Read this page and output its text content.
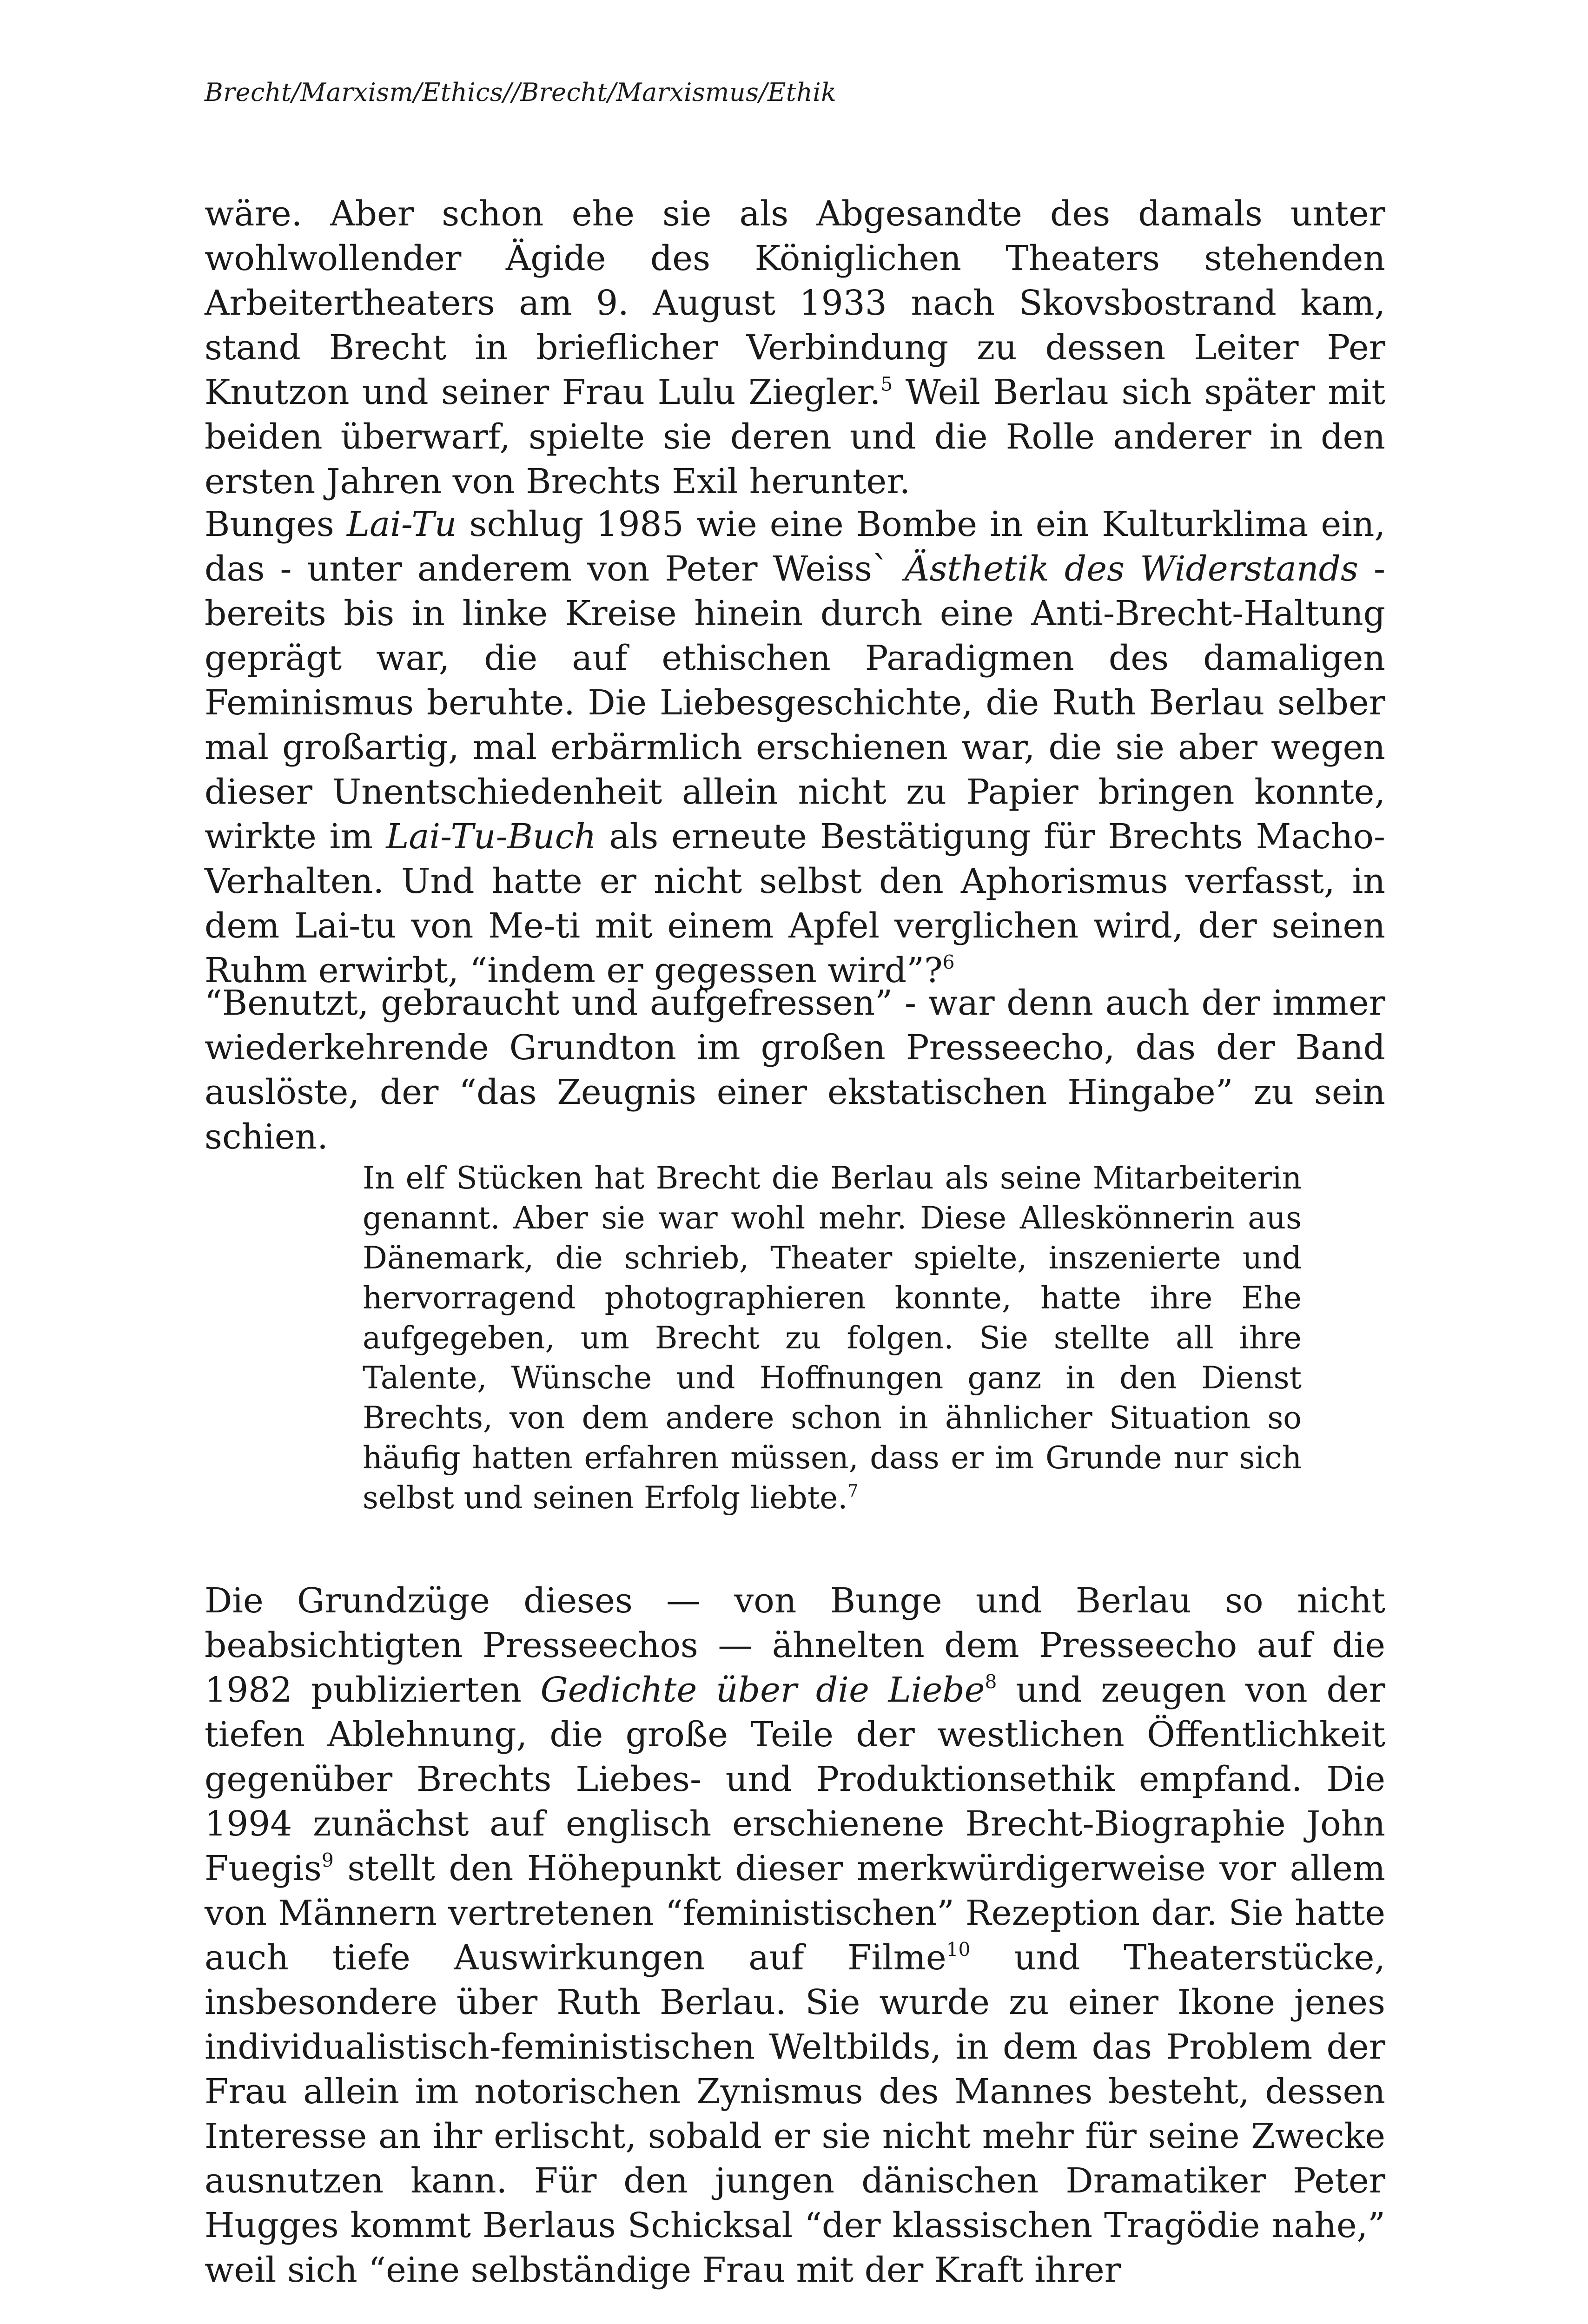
Brecht/Marxism/Ethics//Brecht/Marxismus/Ethik

wäre. Aber schon ehe sie als Abgesandte des damals unter wohlwollender Ägide des Königlichen Theaters stehenden Arbeitertheaters am 9. August 1933 nach Skovsbostrand kam, stand Brecht in brieflicher Verbindung zu dessen Leiter Per Knutzon und seiner Frau Lulu Ziegler.$^5$ Weil Berlau sich später mit beiden überwarf, spielte sie deren und die Rolle anderer in den ersten Jahren von Brechts Exil herunter.

Bunges Lai-Tu schlug 1985 wie eine Bombe in ein Kulturklima ein, das - unter anderem von Peter Weiss` Ästhetik des Widerstands - bereits bis in linke Kreise hinein durch eine Anti-Brecht-Haltung geprägt war, die auf ethischen Paradigmen des damaligen Feminismus beruhte. Die Liebesgeschichte, die Ruth Berlau selber mal großartig, mal erbärmlich erschienen war, die sie aber wegen dieser Unentschiedenheit allein nicht zu Papier bringen konnte, wirkte im Lai-Tu-Buch als erneute Bestätigung für Brechts Macho-Verhalten. Und hatte er nicht selbst den Aphorismus verfasst, in dem Lai-tu von Me-ti mit einem Apfel verglichen wird, der seinen Ruhm erwirbt, “indem er gegessen wird”?$^6$

“Benutzt, gebraucht und aufgefressen” - war denn auch der immer wiederkehrende Grundton im großen Presseecho, das der Band auslöste, der “das Zeugnis einer ekstatischen Hingabe” zu sein schien.

In elf Stücken hat Brecht die Berlau als seine Mitarbeiterin genannt. Aber sie war wohl mehr. Diese Alleskönnerin aus Dänemark, die schrieb, Theater spielte, inszenierte und hervorragend photographieren konnte, hatte ihre Ehe aufgegeben, um Brecht zu folgen. Sie stellte all ihre Talente, Wünsche und Hoffnungen ganz in den Dienst Brechts, von dem andere schon in ähnlicher Situation so häufig hatten erfahren müssen, dass er im Grunde nur sich selbst und seinen Erfolg liebte.$^7$

Die Grundzüge dieses — von Bunge und Berlau so nicht beabsichtigten Presseechos — ähnelten dem Presseecho auf die 1982 publizierten Gedichte über die Liebe$^8$ und zeugen von der tiefen Ablehnung, die große Teile der westlichen Öffentlichkeit gegenüber Brechts Liebes- und Produktionsethik empfand. Die 1994 zunächst auf englisch erschienene Brecht-Biographie John Fuegis$^9$ stellt den Höhepunkt dieser merkwürdigerweise vor allem von Männern vertretenen “feministischen” Rezeption dar. Sie hatte auch tiefe Auswirkungen auf Filme$^{10}$ und Theaterstücke, insbesondere über Ruth Berlau. Sie wurde zu einer Ikone jenes individualistisch-feministischen Weltbilds, in dem das Problem der Frau allein im notorischen Zynismus des Mannes besteht, dessen Interesse an ihr erlischt, sobald er sie nicht mehr für seine Zwecke ausnutzen kann. Für den jungen dänischen Dramatiker Peter Hugges kommt Berlaus Schicksal “der klassischen Tragödie nahe,” weil sich “eine selbständige Frau mit der Kraft ihrer
